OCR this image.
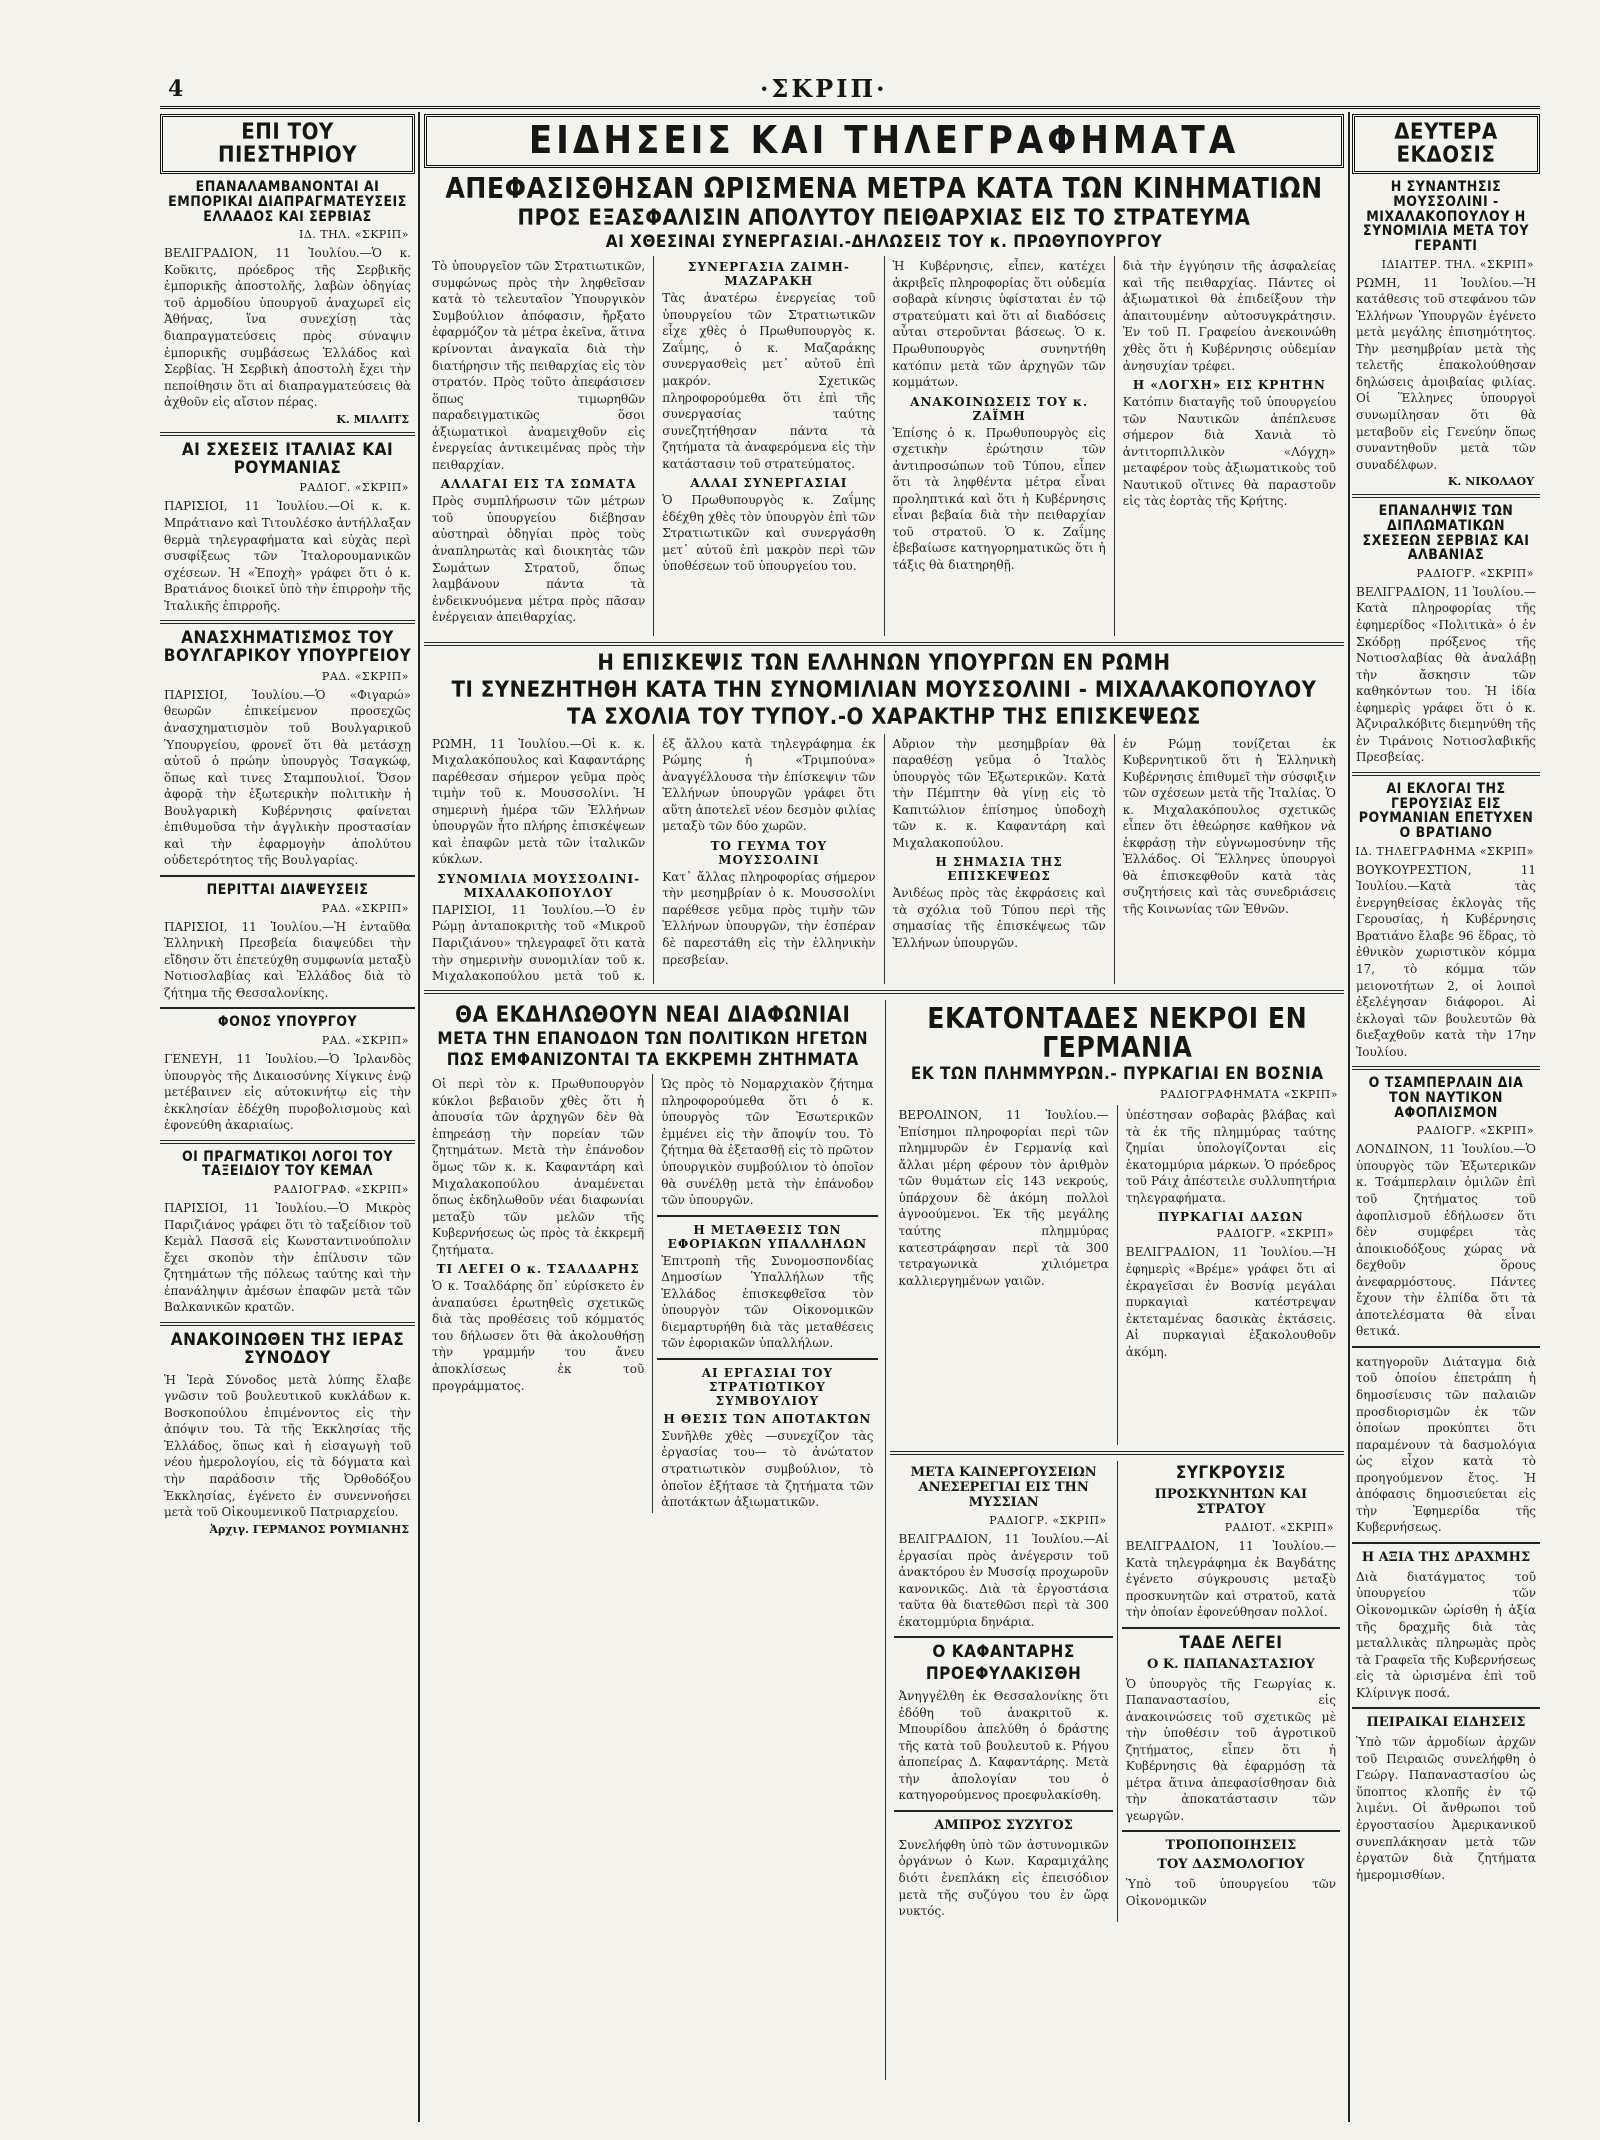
4	·ΣΚΡΙΠ·
ΕΠΙ ΤΟΥ ΠΙΕΣΤΗΡΙΟΥ
ΕΠΑΝΑΛΑΜΒΑΝΟΝΤΑΙ ΑΙ ΕΜΠΟΡΙΚΑΙ ΔΙΑΠΡΑΓΜΑΤΕΥΣΕΙΣ ΕΛΛΑΔΟΣ ΚΑΙ ΣΕΡΒΙΑΣ
ΙΔ. ΤΗΛ. «ΣΚΡΙΠ»
ΒΕΛΙΓΡΑΔΙΟΝ, 11 Ἰουλίου.—Ὁ κ. Κοῦκιτς, πρόεδρος τῆς Σερβικῆς ἐμπορικῆς ἀποστολῆς, λαβὼν ὁδηγίας τοῦ ἁρμοδίου ὑπουργοῦ ἀναχωρεῖ εἰς Ἀθήνας, ἵνα συνεχίσῃ τὰς διαπραγματεύσεις πρὸς σύναψιν ἐμπορικῆς συμβάσεως Ἑλλάδος καὶ Σερβίας. Ἡ Σερβικὴ ἀποστολὴ ἔχει τὴν πεποίθησιν ὅτι αἱ διαπραγματεύσεις θὰ ἀχθοῦν εἰς αἴσιον πέρας.
Κ. ΜΙΛΛΙΤΣ
ΑΙ ΣΧΕΣΕΙΣ ΙΤΑΛΙΑΣ ΚΑΙ ΡΟΥΜΑΝΙΑΣ
ΡΑΔΙΟΓ. «ΣΚΡΙΠ»
ΠΑΡΙΣΙΟΙ, 11 Ἰουλίου.—Οἱ κ. κ. Μπράτιανο καὶ Τιτουλέσκο ἀντήλλαξαν θερμὰ τηλεγραφήματα καὶ εὐχὰς περὶ συσφίξεως τῶν Ἰταλορουμανικῶν σχέσεων. Ἡ «Ἐποχὴ» γράφει ὅτι ὁ κ. Βρατιάνος διοικεῖ ὑπὸ τὴν ἐπιρροὴν τῆς Ἰταλικῆς ἐπιρροῆς.
ΑΝΑΣΧΗΜΑΤΙΣΜΟΣ ΤΟΥ ΒΟΥΛΓΑΡΙΚΟΥ ΥΠΟΥΡΓΕΙΟΥ
ΡΑΔ. «ΣΚΡΙΠ»
ΠΑΡΙΣΙΟΙ, Ἰουλίου.—Ὁ «Φιγαρώ» θεωρῶν ἐπικείμενον προσεχῶς ἀνασχηματισμὸν τοῦ Βουλγαρικοῦ Ὑπουργείου, φρονεῖ ὅτι θὰ μετάσχῃ αὐτοῦ ὁ πρώην ὑπουργὸς Τσαγκώφ, ὅπως καὶ τινες Σταμπουλιοί. Ὅσον ἀφορᾷ τὴν ἐξωτερικὴν πολιτικὴν ἡ Βουλγαρικὴ Κυβέρνησις φαίνεται ἐπιθυμοῦσα τὴν ἀγγλικὴν προστασίαν καὶ τὴν ἐφαρμογὴν ἀπολύτου οὐδετερότητος τῆς Βουλγαρίας.
ΠΕΡΙΤΤΑΙ ΔΙΑΨΕΥΣΕΙΣ
ΡΑΔ. «ΣΚΡΙΠ»
ΠΑΡΙΣΙΟΙ, 11 Ἰουλίου.—Ἡ ἐνταῦθα Ἑλληνικὴ Πρεσβεία διαψεύδει τὴν εἴδησιν ὅτι ἐπετεύχθη συμφωνία μεταξὺ Νοτιοσλαβίας καὶ Ἑλλάδος διὰ τὸ ζήτημα τῆς Θεσσαλονίκης.
ΦΟΝΟΣ ΥΠΟΥΡΓΟΥ
ΡΑΔ. «ΣΚΡΙΠ»
ΓΕΝΕΥΗ, 11 Ἰουλίου.—Ὁ Ἰρλανδὸς ὑπουργὸς τῆς Δικαιοσύνης Χίγκινς ἐνῷ μετέβαινεν εἰς αὐτοκινήτῳ εἰς τὴν ἐκκλησίαν ἐδέχθη πυροβολισμοὺς καὶ ἐφονεύθη ἀκαριαίως.
ΟΙ ΠΡΑΓΜΑΤΙΚΟΙ ΛΟΓΟΙ ΤΟΥ ΤΑΞΕΙΔΙΟΥ ΤΟΥ ΚΕΜΑΛ
ΡΑΔΙΟΓΡΑΦ. «ΣΚΡΙΠ»
ΠΑΡΙΣΙΟΙ, 11 Ἰουλίου.—Ὁ Μικρὸς Παριζιάνος γράφει ὅτι τὸ ταξείδιον τοῦ Κεμὰλ Πασσᾶ εἰς Κωνσταντινούπολιν ἔχει σκοπὸν τὴν ἐπίλυσιν τῶν ζητημάτων τῆς πόλεως ταύτης καὶ τὴν ἐπανάληψιν ἀμέσων ἐπαφῶν μετὰ τῶν Βαλκανικῶν κρατῶν.
ΑΝΑΚΟΙΝΩΘΕΝ ΤΗΣ ΙΕΡΑΣ ΣΥΝΟΔΟΥ
Ἡ Ἱερὰ Σύνοδος μετὰ λύπης ἔλαβε γνῶσιν τοῦ βουλευτικοῦ κυκλάδων κ. Βοσκοπούλου ἐπιμένοντος εἰς τὴν ἀπόψιν του. Τὰ τῆς Ἐκκλησίας τῆς Ἑλλάδος, ὅπως καὶ ἡ εἰσαγωγὴ τοῦ νέου ἡμερολογίου, εἰς τὰ δόγματα καὶ τὴν παράδοσιν τῆς Ὀρθοδόξου Ἐκκλησίας, ἐγένετο ἐν συνεννοήσει μετὰ τοῦ Οἰκουμενικοῦ Πατριαρχείου.
Ἀρχιγ. ΓΕΡΜΑΝΟΣ ΡΟΥΜΙΑΝΗΣ
ΕΙΔΗΣΕΙΣ ΚΑΙ ΤΗΛΕΓΡΑΦΗΜΑΤΑ
ΑΠΕΦΑΣΙΣΘΗΣΑΝ ΩΡΙΣΜΕΝΑ ΜΕΤΡΑ ΚΑΤΑ ΤΩΝ ΚΙΝΗΜΑΤΙΩΝ
ΠΡΟΣ ΕΞΑΣΦΑΛΙΣΙΝ ΑΠΟΛΥΤΟΥ ΠΕΙΘΑΡΧΙΑΣ ΕΙΣ ΤΟ ΣΤΡΑΤΕΥΜΑ
ΑΙ ΧΘΕΣΙΝΑΙ ΣΥΝΕΡΓΑΣΙΑΙ.-ΔΗΛΩΣΕΙΣ ΤΟΥ κ. ΠΡΩΘΥΠΟΥΡΓΟΥ
Τὸ ὑπουργεῖον τῶν Στρατιωτικῶν, συμφώνως πρὸς τὴν ληφθεῖσαν κατὰ τὸ τελευταῖον Ὑπουργικὸν Συμβούλιον ἀπόφασιν, ἤρξατο ἐφαρμόζον τὰ μέτρα ἐκεῖνα, ἅτινα κρίνονται ἀναγκαῖα διὰ τὴν διατήρησιν τῆς πειθαρχίας εἰς τὸν στρατόν. Πρὸς τοῦτο ἀπεφάσισεν ὅπως τιμωρηθῶν παραδειγματικῶς ὅσοι ἀξιωματικοὶ ἀναμειχθοῦν εἰς ἐνεργείας ἀντικειμένας πρὸς τὴν πειθαρχίαν.
ΑΛΛΑΓΑΙ ΕΙΣ ΤΑ ΣΩΜΑΤΑ
Πρὸς συμπλήρωσιν τῶν μέτρων τοῦ ὑπουργείου διέβησαν αὐστηραὶ ὁδηγίαι πρὸς τοὺς ἀναπληρωτὰς καὶ διοικητὰς τῶν Σωμάτων Στρατοῦ, ὅπως λαμβάνουν πάντα τὰ ἐνδεικνυόμενα μέτρα πρὸς πᾶσαν ἐνέργειαν ἀπειθαρχίας.
ΣΥΝΕΡΓΑΣΙΑ ΖΑΙΜΗ-ΜΑΖΑΡΑΚΗ
Τὰς ἀνατέρω ἐνεργείας τοῦ ὑπουργείου τῶν Στρατιωτικῶν εἶχε χθὲς ὁ Πρωθυπουργὸς κ. Ζαΐμης, ὁ κ. Μαζαράκης συνεργασθεὶς μετ᾽ αὐτοῦ ἐπὶ μακρόν. Σχετικῶς πληροφορούμεθα ὅτι ἐπὶ τῆς συνεργασίας ταύτης συνεζητήθησαν πάντα τὰ ζητήματα τὰ ἀναφερόμενα εἰς τὴν κατάστασιν τοῦ στρατεύματος.
ΑΛΛΑΙ ΣΥΝΕΡΓΑΣΙΑΙ
Ὁ Πρωθυπουργὸς κ. Ζαΐμης ἐδέχθη χθὲς τὸν ὑπουργὸν ἐπὶ τῶν Στρατιωτικῶν καὶ συνεργάσθη μετ᾽ αὐτοῦ ἐπὶ μακρὸν περὶ τῶν ὑποθέσεων τοῦ ὑπουργείου του.
Ἡ Κυβέρνησις, εἶπεν, κατέχει ἀκριβεῖς πληροφορίας ὅτι οὐδεμία σοβαρὰ κίνησις ὑφίσταται ἐν τῷ στρατεύματι καὶ ὅτι αἱ διαδόσεις αὗται στεροῦνται βάσεως. Ὁ κ. Πρωθυπουργὸς συνηντήθη κατόπιν μετὰ τῶν ἀρχηγῶν τῶν κομμάτων.
ΑΝΑΚΟΙΝΩΣΕΙΣ ΤΟΥ κ. ΖΑΪΜΗ
Ἐπίσης ὁ κ. Πρωθυπουργὸς εἰς σχετικὴν ἐρώτησιν τῶν ἀντιπροσώπων τοῦ Τύπου, εἶπεν ὅτι τὰ ληφθέντα μέτρα εἶναι προληπτικά καὶ ὅτι ἡ Κυβέρνησις εἶναι βεβαία διὰ τὴν πειθαρχίαν τοῦ στρατοῦ. Ὁ κ. Ζαΐμης ἐβεβαίωσε κατηγορηματικῶς ὅτι ἡ τάξις θὰ διατηρηθῇ.
διὰ τὴν ἐγγύησιν τῆς ἀσφαλείας καὶ τῆς πειθαρχίας. Πάντες οἱ ἀξιωματικοὶ θὰ ἐπιδείξουν τὴν ἀπαιτουμένην αὐτοσυγκράτησιν. Ἐν τοῦ Π. Γραφείου ἀνεκοινώθη χθὲς ὅτι ἡ Κυβέρνησις οὐδεμίαν ἀνησυχίαν τρέφει.
Η «ΛΟΓΧΗ» ΕΙΣ ΚΡΗΤΗΝ
Κατόπιν διαταγῆς τοῦ ὑπουργείου τῶν Ναυτικῶν ἀπέπλευσε σήμερον διὰ Χανιὰ τὸ ἀντιτορπιλλικὸν «Λόγχη» μεταφέρον τοὺς ἀξιωματικοὺς τοῦ Ναυτικοῦ οἵτινες θὰ παραστοῦν εἰς τὰς ἐορτὰς τῆς Κρήτης.
Η ΕΠΙΣΚΕΨΙΣ ΤΩΝ ΕΛΛΗΝΩΝ ΥΠΟΥΡΓΩΝ ΕΝ ΡΩΜΗ
ΤΙ ΣΥΝΕΖΗΤΗΘΗ ΚΑΤΑ ΤΗΝ ΣΥΝΟΜΙΛΙΑΝ ΜΟΥΣΣΟΛΙΝΙ - ΜΙΧΑΛΑΚΟΠΟΥΛΟΥ
ΤΑ ΣΧΟΛΙΑ ΤΟΥ ΤΥΠΟΥ.-Ο ΧΑΡΑΚΤΗΡ ΤΗΣ ΕΠΙΣΚΕΨΕΩΣ
ΡΩΜΗ, 11 Ἰουλίου.—Οἱ κ. κ. Μιχαλακόπουλος καὶ Καφαντάρης παρέθεσαν σήμερον γεῦμα πρὸς τιμὴν τοῦ κ. Μουσσολίνι. Ἡ σημερινὴ ἡμέρα τῶν Ἑλλήνων ὑπουργῶν ἦτο πλήρης ἐπισκέψεων καὶ ἐπαφῶν μετὰ τῶν ἰταλικῶν κύκλων.
ΣΥΝΟΜΙΛΙΑ ΜΟΥΣΣΟΛΙΝΙ-ΜΙΧΑΛΑΚΟΠΟΥΛΟΥ
ΠΑΡΙΣΙΟΙ, 11 Ἰουλίου.—Ὁ ἐν Ρώμῃ ἀνταποκριτὴς τοῦ «Μικροῦ Παριζιάνου» τηλεγραφεῖ ὅτι κατὰ τὴν σημερινὴν συνομιλίαν τοῦ κ. Μιχαλακοπούλου μετὰ τοῦ κ.
ἐξ ἄλλου κατὰ τηλεγράφημα ἐκ Ρώμης ἡ «Τριμπούνα» ἀναγγέλλουσα τὴν ἐπίσκεψιν τῶν Ἑλλήνων ὑπουργῶν γράφει ὅτι αὕτη ἀποτελεῖ νέον δεσμὸν φιλίας μεταξὺ τῶν δύο χωρῶν.
ΤΟ ΓΕΥΜΑ ΤΟΥ ΜΟΥΣΣΟΛΙΝΙ
Κατ᾽ ἄλλας πληροφορίας σήμερον τὴν μεσημβρίαν ὁ κ. Μουσσολίνι παρέθεσε γεῦμα πρὸς τιμὴν τῶν Ἑλλήνων ὑπουργῶν, τὴν ἑσπέραν δὲ παρεστάθη εἰς τὴν ἑλληνικὴν πρεσβείαν.
Αὔριον τὴν μεσημβρίαν θὰ παραθέσῃ γεῦμα ὁ Ἰταλὸς ὑπουργὸς τῶν Ἐξωτερικῶν. Κατὰ τὴν Πέμπτην θὰ γίνῃ εἰς τὸ Καπιτώλιον ἐπίσημος ὑποδοχὴ τῶν κ. κ. Καφαντάρη καὶ Μιχαλακοπούλου.
Η ΣΗΜΑΣΙΑ ΤΗΣ ΕΠΙΣΚΕΨΕΩΣ
Ἀνιδέως πρὸς τὰς ἐκφράσεις καὶ τὰ σχόλια τοῦ Τύπου περὶ τῆς σημασίας τῆς ἐπισκέψεως τῶν Ἑλλήνων ὑπουργῶν.
ἐν Ρώμῃ τονίζεται ἐκ Κυβερνητικοῦ ὅτι ἡ Ἑλληνικὴ Κυβέρνησις ἐπιθυμεῖ τὴν σύσφιξιν τῶν σχέσεων μετὰ τῆς Ἰταλίας. Ὁ κ. Μιχαλακόπουλος σχετικῶς εἶπεν ὅτι ἐθεώρησε καθῆκον νὰ ἐκφράσῃ τὴν εὐγνωμοσύνην τῆς Ἑλλάδος. Οἱ Ἕλληνες ὑπουργοὶ θὰ ἐπισκεφθοῦν κατὰ τὰς συζητήσεις καὶ τὰς συνεδριάσεις τῆς Κοινωνίας τῶν Ἐθνῶν.
ΘΑ ΕΚΔΗΛΩΘΟΥΝ ΝΕΑΙ ΔΙΑΦΩΝΙΑΙ
ΜΕΤΑ ΤΗΝ ΕΠΑΝΟΔΟΝ ΤΩΝ ΠΟΛΙΤΙΚΩΝ ΗΓΕΤΩΝ
ΠΩΣ ΕΜΦΑΝΙΖΟΝΤΑΙ ΤΑ ΕΚΚΡΕΜΗ ΖΗΤΗΜΑΤΑ
Οἱ περὶ τὸν κ. Πρωθυπουργὸν κύκλοι βεβαιοῦν χθὲς ὅτι ἡ ἀπουσία τῶν ἀρχηγῶν δὲν θὰ ἐπηρεάσῃ τὴν πορείαν τῶν ζητημάτων. Μετὰ τὴν ἐπάνοδον ὅμως τῶν κ. κ. Καφαντάρη καὶ Μιχαλακοπούλου ἀναμένεται ὅπως ἐκδηλωθοῦν νέαι διαφωνίαι μεταξὺ τῶν μελῶν τῆς Κυβερνήσεως ὡς πρὸς τὰ ἐκκρεμῆ ζητήματα.
ΤΙ ΛΕΓΕΙ Ο κ. ΤΣΑΛΔΑΡΗΣ
Ὁ κ. Τσαλδάρης ὅπ᾽ εὐρίσκετο ἐν ἀναπαύσει ἐρωτηθεὶς σχετικῶς διὰ τὰς προθέσεις τοῦ κόμματός του δήλωσεν ὅτι θὰ ἀκολουθήσῃ τὴν γραμμήν του ἄνευ ἀποκλίσεως ἐκ τοῦ προγράμματος.
Ὡς πρὸς τὸ Νομαρχιακὸν ζήτημα πληροφορούμεθα ὅτι ὁ κ. ὑπουργὸς τῶν Ἐσωτερικῶν ἐμμένει εἰς τὴν ἄποψίν του. Τὸ ζήτημα θὰ ἐξετασθῇ εἰς τὸ πρῶτον ὑπουργικὸν συμβούλιον τὸ ὁποῖον θὰ συνέλθῃ μετὰ τὴν ἐπάνοδον τῶν ὑπουργῶν.
Η ΜΕΤΑΘΕΣΙΣ ΤΩΝ ΕΦΟΡΙΑΚΩΝ ΥΠΑΛΛΗΛΩΝ
Ἐπιτροπὴ τῆς Συνομοσπονδίας Δημοσίων Ὑπαλλήλων τῆς Ἑλλάδος ἐπισκεφθεῖσα τὸν ὑπουργὸν τῶν Οἰκονομικῶν διεμαρτυρήθη διὰ τὰς μεταθέσεις τῶν ἐφοριακῶν ὑπαλλήλων.
ΑΙ ΕΡΓΑΣΙΑΙ ΤΟΥ ΣΤΡΑΤΙΩΤΙΚΟΥ ΣΥΜΒΟΥΛΙΟΥ
Η ΘΕΣΙΣ ΤΩΝ ΑΠΟΤΑΚΤΩΝ
Συνῆλθε χθὲς —συνεχίζον τὰς ἐργασίας του— τὸ ἀνώτατον στρατιωτικὸν συμβούλιον, τὸ ὁποῖον ἐξήτασε τὰ ζητήματα τῶν ἀποτάκτων ἀξιωματικῶν.
ΕΚΑΤΟΝΤΑΔΕΣ ΝΕΚΡΟΙ ΕΝ ΓΕΡΜΑΝΙΑ
ΕΚ ΤΩΝ ΠΛΗΜΜΥΡΩΝ.- ΠΥΡΚΑΓΙΑΙ ΕΝ ΒΟΣΝΙΑ
ΡΑΔΙΟΓΡΑΦΗΜΑΤΑ «ΣΚΡΙΠ»
ΒΕΡΟΛΙΝΟΝ, 11 Ἰουλίου.—Ἐπίσημοι πληροφορίαι περὶ τῶν πλημμυρῶν ἐν Γερμανίᾳ καὶ ἄλλαι μέρη φέρουν τὸν ἀριθμὸν τῶν θυμάτων εἰς 143 νεκρούς, ὑπάρχουν δὲ ἀκόμη πολλοὶ ἀγνοούμενοι. Ἐκ τῆς μεγάλης ταύτης πλημμύρας κατεστράφησαν περὶ τὰ 300 τετραγωνικὰ χιλιόμετρα καλλιεργημένων γαιῶν.
ὑπέστησαν σοβαρὰς βλάβας καὶ τὰ ἐκ τῆς πλημμύρας ταύτης ζημίαι ὑπολογίζονται εἰς ἑκατομμύρια μάρκων. Ὁ πρόεδρος τοῦ Ράιχ ἀπέστειλε συλλυπητήρια τηλεγραφήματα.
ΠΥΡΚΑΓΙΑΙ ΔΑΣΩΝ
ΡΑΔΙΟΓΡ. «ΣΚΡΙΠ»
ΒΕΛΙΓΡΑΔΙΟΝ, 11 Ἰουλίου.—Ἡ ἐφημερὶς «Βρέμε» γράφει ὅτι αἱ ἐκραγεῖσαι ἐν Βοσνίᾳ μεγάλαι πυρκαγιαὶ κατέστρεψαν ἐκτεταμένας δασικὰς ἐκτάσεις. Αἱ πυρκαγιαὶ ἐξακολουθοῦν ἀκόμη.
ΜΕΤΑ ΚΑΙΝΕΡΓΟΥΣΕΙΩΝ ΑΝΕΣΕΡΕΓΙΑΙ ΕΙΣ ΤΗΝ ΜΥΣΣΙΑΝ
ΡΑΔΙΟΓΡ. «ΣΚΡΙΠ»
ΒΕΛΙΓΡΑΔΙΟΝ, 11 Ἰουλίου.—Αἱ ἐργασίαι πρὸς ἀνέγερσιν τοῦ ἀνακτόρου ἐν Μυσσίᾳ προχωροῦν κανονικῶς. Διὰ τὰ ἐργοστάσια ταῦτα θὰ διατεθῶσι περὶ τὰ 300 ἑκατομμύρια δηνάρια.
Ο ΚΑΦΑΝΤΑΡΗΣ
ΠΡΟΕΦΥΛΑΚΙΣΘΗ
Ἀνηγγέλθη ἐκ Θεσσαλονίκης ὅτι ἐδόθη τοῦ ἀνακριτοῦ κ. Μπουρίδου ἀπελύθη ὁ δράστης τῆς κατὰ τοῦ βουλευτοῦ κ. Ρήγου ἀποπείρας Δ. Καφαντάρης. Μετὰ τὴν ἀπολογίαν του ὁ κατηγορούμενος προεφυλακίσθη.
ΑΜΠΡΟΣ ΣΥΖΥΓΟΣ
Συνελήφθη ὑπὸ τῶν ἀστυνομικῶν ὀργάνων ὁ Κων. Καραμιχάλης διότι ἐνεπλάκη εἰς ἐπεισόδιον μετὰ τῆς συζύγου του ἐν ὥρᾳ νυκτός.
ΣΥΓΚΡΟΥΣΙΣ
ΠΡΟΣΚΥΝΗΤΩΝ ΚΑΙ ΣΤΡΑΤΟΥ
ΡΑΔΙΟΤ. «ΣΚΡΙΠ»
ΒΕΛΙΓΡΑΔΙΟΝ, 11 Ἰουλίου.—Κατὰ τηλεγράφημα ἐκ Βαγδάτης ἐγένετο σύγκρουσις μεταξὺ προσκυνητῶν καὶ στρατοῦ, κατὰ τὴν ὁποίαν ἐφονεύθησαν πολλοί.
ΤΑΔΕ ΛΕΓΕΙ
Ο Κ. ΠΑΠΑΝΑΣΤΑΣΙΟΥ
Ὁ ὑπουργὸς τῆς Γεωργίας κ. Παπαναστασίου, εἰς ἀνακοινώσεις τοῦ σχετικῶς μὲ τὴν ὑποθέσιν τοῦ ἀγροτικοῦ ζητήματος, εἶπεν ὅτι ἡ Κυβέρνησις θὰ ἐφαρμόσῃ τὰ μέτρα ἅτινα ἀπεφασίσθησαν διὰ τὴν ἀποκατάστασιν τῶν γεωργῶν.
ΤΡΟΠΟΠΟΙΗΣΕΙΣ
ΤΟΥ ΔΑΣΜΟΛΟΓΙΟΥ
Ὑπὸ τοῦ ὑπουργείου τῶν Οἰκονομικῶν
ΔΕΥΤΕΡΑ ΕΚΔΟΣΙΣ
Η ΣΥΝΑΝΤΗΣΙΣ ΜΟΥΣΣΟΛΙΝΙ - ΜΙΧΑΛΑΚΟΠΟΥΛΟΥ Η ΣΥΝΟΜΙΛΙΑ ΜΕΤΑ ΤΟΥ ΓΕΡΑΝΤΙ
ΙΔΙΑΙΤΕΡ. ΤΗΛ. «ΣΚΡΙΠ»
ΡΩΜΗ, 11 Ἰουλίου.—Ἡ κατάθεσις τοῦ στεφάνου τῶν Ἑλλήνων Ὑπουργῶν ἐγένετο μετὰ μεγάλης ἐπισημότητος. Τὴν μεσημβρίαν μετὰ τὴς τελετῆς ἐπακολούθησαν δηλώσεις ἀμοιβαίας φιλίας. Οἱ Ἕλληνες ὑπουργοὶ συνωμίλησαν ὅτι θὰ μεταβοῦν εἰς Γενεύην ὅπως συναντηθοῦν μετὰ τῶν συναδέλφων.
Κ. ΝΙΚΟΛΑΟΥ
ΕΠΑΝΑΛΗΨΙΣ ΤΩΝ ΔΙΠΛΩΜΑΤΙΚΩΝ ΣΧΕΣΕΩΝ ΣΕΡΒΙΑΣ ΚΑΙ ΑΛΒΑΝΙΑΣ
ΡΑΔΙΟΓΡ. «ΣΚΡΙΠ»
ΒΕΛΙΓΡΑΔΙΟΝ, 11 Ἰουλίου.—Κατὰ πληροφορίας τῆς ἐφημερίδος «Πολιτικὰ» ὁ ἐν Σκόδρῃ πρόξενος τῆς Νοτιοσλαβίας θὰ ἀναλάβῃ τὴν ἄσκησιν τῶν καθηκόντων του. Ἡ ἰδία ἐφημερὶς γράφει ὅτι ὁ κ. Ἀζνιραλκόβιτς διεμηνύθη τῆς ἐν Τιράνοις Νοτιοσλαβικῆς Πρεσβείας.
ΑΙ ΕΚΛΟΓΑΙ ΤΗΣ ΓΕΡΟΥΣΙΑΣ ΕΙΣ ΡΟΥΜΑΝΙΑΝ ΕΠΕΤΥΧΕΝ Ο ΒΡΑΤΙΑΝΟ
ΙΔ. ΤΗΛΕΓΡΑΦΗΜΑ «ΣΚΡΙΠ»
ΒΟΥΚΟΥΡΕΣΤΙΟΝ, 11 Ἰουλίου.—Κατὰ τὰς ἐνεργηθείσας ἐκλογὰς τῆς Γερουσίας, ἡ Κυβέρνησις Βρατιάνο ἔλαβε 96 ἕδρας, τὸ ἐθνικὸν χωριστικὸν κόμμα 17, τὸ κόμμα τῶν μειονοτήτων 2, οἱ λοιποὶ ἐξελέγησαν διάφοροι. Αἱ ἐκλογαὶ τῶν βουλευτῶν θὰ διεξαχθοῦν κατὰ τὴν 17ην Ἰουλίου.
Ο ΤΣΑΜΠΕΡΛΑΙΝ ΔΙΑ ΤΟΝ ΝΑΥΤΙΚΟΝ ΑΦΟΠΛΙΣΜΟΝ
ΡΑΔΙΟΓΡ. «ΣΚΡΙΠ»
ΛΟΝΔΙΝΟΝ, 11 Ἰουλίου.—Ὁ ὑπουργὸς τῶν Ἐξωτερικῶν κ. Τσάμπερλαιν ὁμιλῶν ἐπὶ τοῦ ζητήματος τοῦ ἀφοπλισμοῦ ἐδήλωσεν ὅτι δὲν συμφέρει τὰς ἀποικιοδόξους χώρας νὰ δεχθοῦν ὅρους ἀνεφαρμόστους. Πάντες ἔχουν τὴν ἐλπίδα ὅτι τὰ ἀποτελέσματα θὰ εἶναι θετικά.
κατηγοροῦν Διάταγμα διὰ τοῦ ὁποίου ἐπετράπη ἡ δημοσίευσις τῶν παλαιῶν προσδιορισμῶν ἐκ τῶν ὁποίων προκύπτει ὅτι παραμένουν τὰ δασμολόγια ὡς εἶχον κατὰ τὸ προηγούμενον ἔτος. Ἡ ἀπόφασις δημοσιεύεται εἰς τὴν Ἐφημερίδα τῆς Κυβερνήσεως.
Η ΑΞΙΑ ΤΗΣ ΔΡΑΧΜΗΣ
Διὰ διατάγματος τοῦ ὑπουργείου τῶν Οἰκονομικῶν ὡρίσθη ἡ ἀξία τῆς δραχμῆς διὰ τὰς μεταλλικὰς πληρωμὰς πρὸς τὰ Γραφεῖα τῆς Κυβερνήσεως εἰς τὰ ὡρισμένα ἐπὶ τοῦ Κλίρινγκ ποσά.
ΠΕΙΡΑΙΚΑΙ ΕΙΔΗΣΕΙΣ
Ὑπὸ τῶν ἀρμοδίων ἀρχῶν τοῦ Πειραιῶς συνελήφθη ὁ Γεώργ. Παπαναστασίου ὡς ὕποπτος κλοπῆς ἐν τῷ λιμένι. Οἱ ἄνθρωποι τοῦ ἐργοστασίου Ἀμερικανικοῦ συνεπλάκησαν μετὰ τῶν ἐργατῶν διὰ ζητήματα ἡμερομισθίων.
